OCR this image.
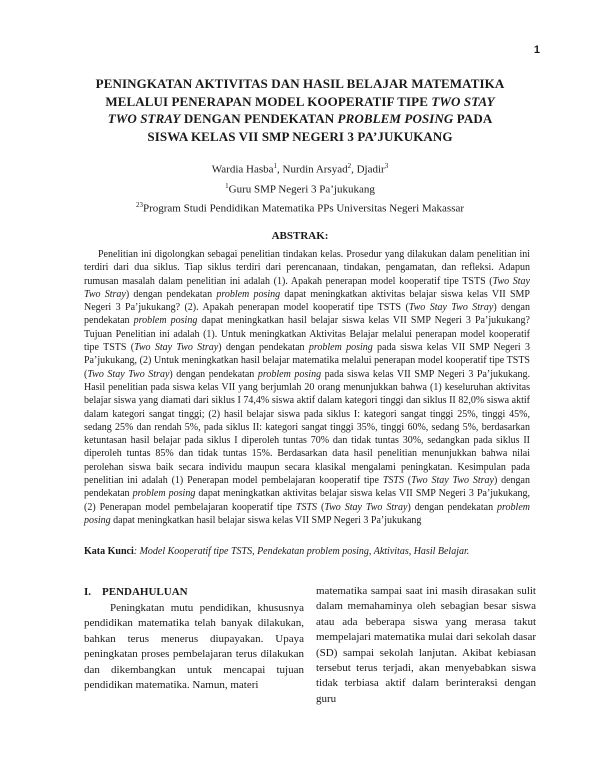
1
PENINGKATAN AKTIVITAS DAN HASIL BELAJAR MATEMATIKA
MELALUI PENERAPAN MODEL KOOPERATIF TIPE TWO STAY
TWO STRAY DENGAN PENDEKATAN PROBLEM POSING PADA
SISWA KELAS VII SMP NEGERI 3 PA’JUKUKANG
Wardia Hasba$^1$, Nurdin Arsyad$^2$, Djadir$^3$
$^1$Guru SMP Negeri 3 Pa’jukukang
$^{23}$Program Studi Pendidikan Matematika PPs Universitas Negeri Makassar
ABSTRAK:
Penelitian ini digolongkan sebagai penelitian tindakan kelas. Prosedur yang dilakukan dalam penelitian ini terdiri dari dua siklus. Tiap siklus terdiri dari perencanaan, tindakan, pengamatan, dan refleksi. Adapun rumusan masalah dalam penelitian ini adalah (1). Apakah penerapan model kooperatif tipe TSTS (Two Stay Two Stray) dengan pendekatan problem posing dapat meningkatkan aktivitas belajar siswa kelas VII SMP Negeri 3 Pa’jukukang? (2). Apakah penerapan model kooperatif tipe TSTS (Two Stay Two Stray) dengan pendekatan problem posing dapat meningkatkan hasil belajar siswa kelas VII SMP Negeri 3 Pa’jukukang? Tujuan Penelitian ini adalah (1). Untuk meningkatkan Aktivitas Belajar melalui penerapan model kooperatif tipe TSTS (Two Stay Two Stray) dengan pendekatan problem posing pada siswa kelas VII SMP Negeri 3 Pa’jukukang, (2) Untuk meningkatkan hasil belajar matematika melalui penerapan model kooperatif tipe TSTS (Two Stay Two Stray) dengan pendekatan problem posing pada siswa kelas VII SMP Negeri 3 Pa’jukukang. Hasil penelitian pada siswa kelas VII yang berjumlah 20 orang menunjukkan bahwa (1) keseluruhan aktivitas belajar siswa yang diamati dari siklus I 74,4% siswa aktif dalam kategori tinggi dan siklus II 82,0% siswa aktif dalam kategori sangat tinggi; (2) hasil belajar siswa pada siklus I: kategori sangat tinggi 25%, tinggi 45%, sedang 25% dan rendah 5%, pada siklus II: kategori sangat tinggi 35%, tinggi 60%, sedang 5%, berdasarkan ketuntasan hasil belajar pada siklus I diperoleh tuntas 70% dan tidak tuntas 30%, sedangkan pada siklus II diperoleh tuntas 85% dan tidak tuntas 15%. Berdasarkan data hasil penelitian menunjukkan bahwa nilai perolehan siswa baik secara individu maupun secara klasikal mengalami peningkatan. Kesimpulan pada penelitian ini adalah (1) Penerapan model pembelajaran kooperatif tipe TSTS (Two Stay Two Stray) dengan pendekatan problem posing dapat meningkatkan aktivitas belajar siswa kelas VII SMP Negeri 3 Pa’jukukang, (2) Penerapan model pembelajaran kooperatif tipe TSTS (Two Stay Two Stray) dengan pendekatan problem posing dapat meningkatkan hasil belajar siswa kelas VII SMP Negeri 3 Pa’jukukang
Kata Kunci: Model Kooperatif tipe TSTS, Pendekatan problem posing, Aktivitas, Hasil Belajar.
I. PENDAHULUAN
Peningkatan mutu pendidikan, khususnya pendidikan matematika telah banyak dilakukan, bahkan terus menerus diupayakan. Upaya peningkatan proses pembelajaran terus dilakukan dan dikembangkan untuk mencapai tujuan pendidikan matematika. Namun, materi
matematika sampai saat ini masih dirasakan sulit dalam memahaminya oleh sebagian besar siswa atau ada beberapa siswa yang merasa takut mempelajari matematika mulai dari sekolah dasar (SD) sampai sekolah lanjutan. Akibat kebiasan tersebut terus terjadi, akan menyebabkan siswa tidak terbiasa aktif dalam berinteraksi dengan guru
